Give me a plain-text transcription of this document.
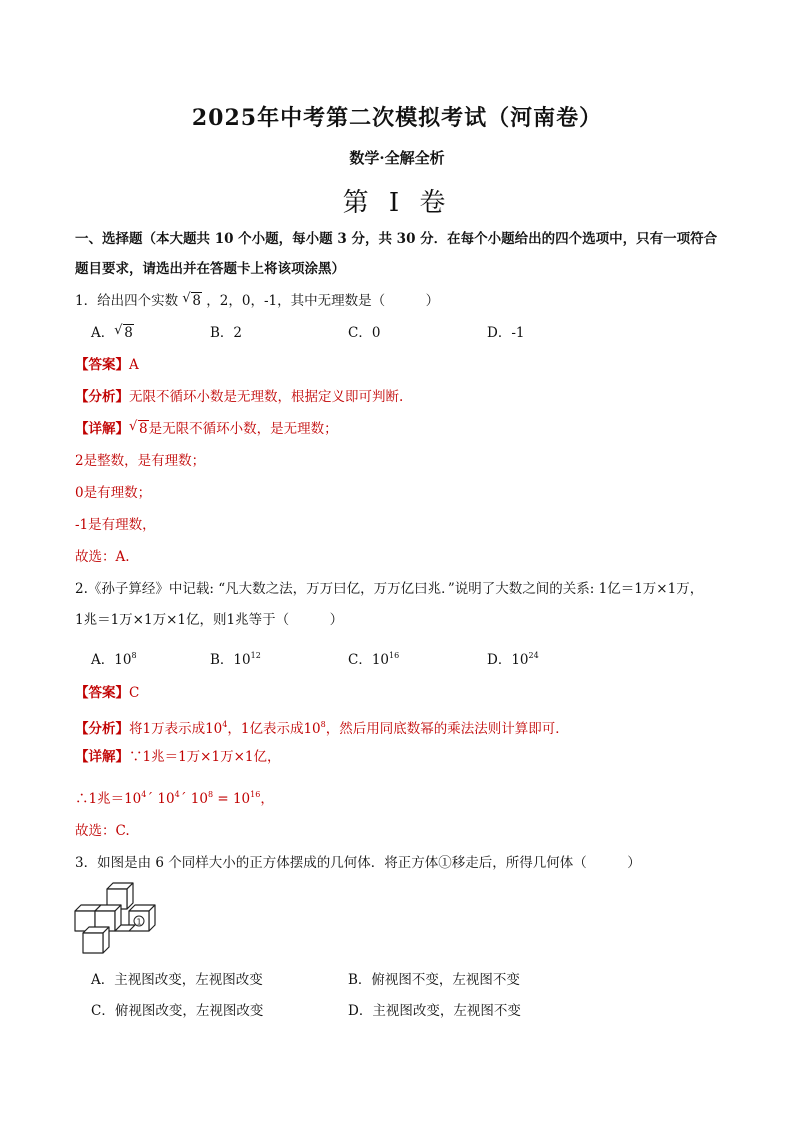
2025年中考第二次模拟考试（河南卷）
数学·全解全析
第 I 卷
一、选择题（本大题共 10 个小题，每小题 3 分，共 30 分．在每个小题给出的四个选项中，只有一项符合
题目要求，请选出并在答题卡上将该项涂黑）
1．给出四个实数 √ 8 ，2，0，-1，其中无理数是（　　　）
A． √ 8	B．2	C．0	D．-1
【答案】A
【分析】无限不循环小数是无理数，根据定义即可判断.
【详解】 √ 8是无限不循环小数，是无理数；
2是整数，是有理数；
0是有理数；
-1是有理数，
故选：A.
2.《孙子算经》中记载: “凡大数之法，万万曰亿，万万亿曰兆．”说明了大数之间的关系: 1亿＝1万×1万，
1兆＝1万×1万×1亿，则1兆等于（　　　）
A．$10^8$	B．$10^{12}$	C．$10^{16}$	D．$10^{24}$
【答案】C
【分析】将1万表示成$10^4$，1亿表示成$10^8$，然后用同底数幂的乘法法则计算即可．
【详解】∵1兆＝1万×1万×1亿，
∴1兆$=10^4´$ $10^4´$ $10^8 = 10^{16}$，
故选：C.
3．如图是由 6 个同样大小的正方体摆成的几何体．将正方体①移走后，所得几何体（　　　）
1
A．主视图改变，左视图改变	B．俯视图不变，左视图不变
C．俯视图改变，左视图改变	D．主视图改变，左视图不变
